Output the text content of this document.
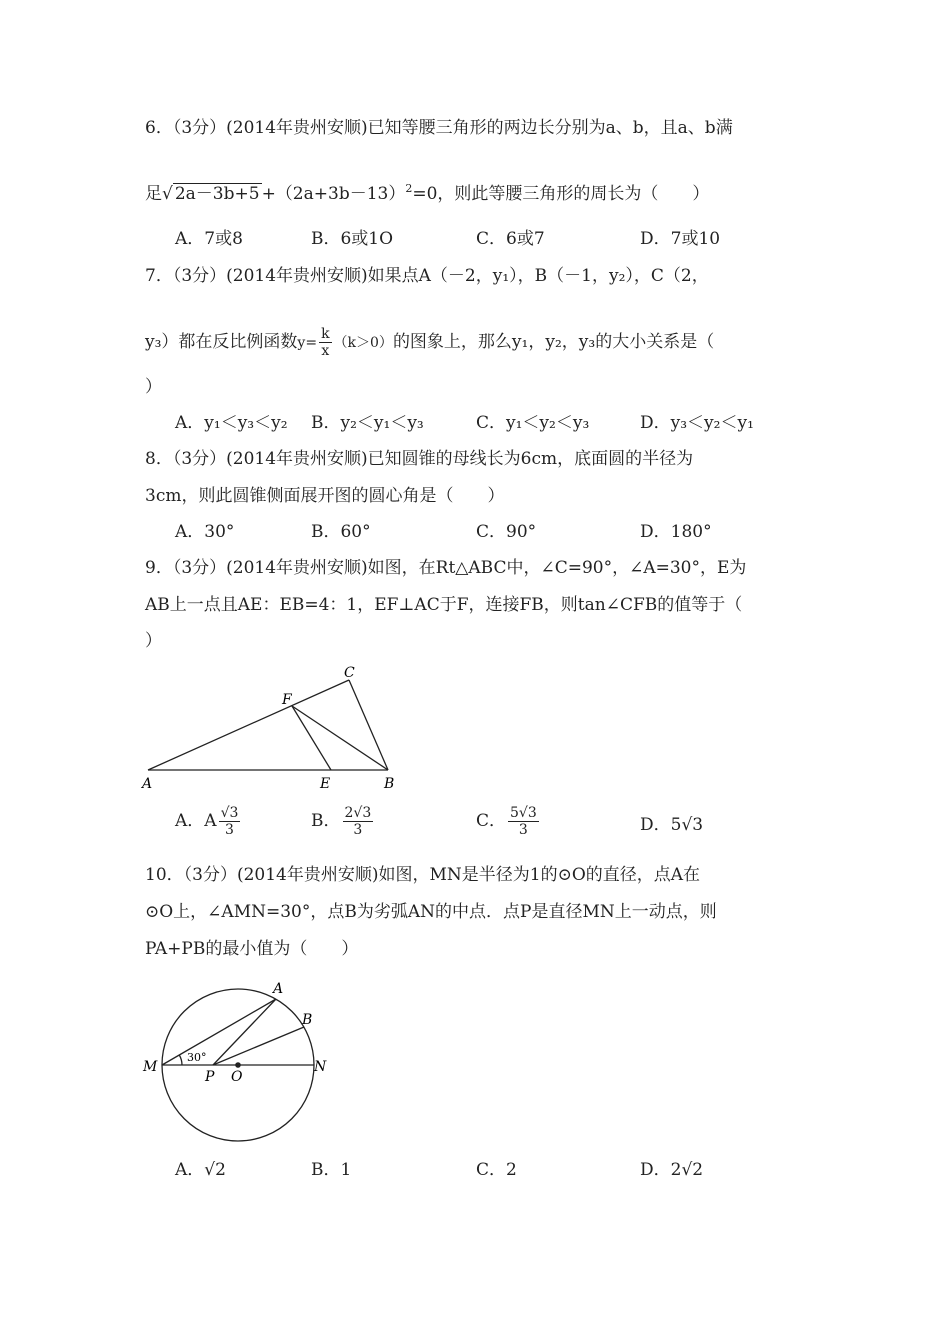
6．（3分）(2014年贵州安顺)已知等腰三角形的两边长分别为a、b，且a、b满
足√ $2a-3b+5 +(2a+3b-13)^2=0$，则此等腰三角形的周长为（　　）
A．7或8	B．6或1O	C．6或7	D．7或10
7．（3分）(2014年贵州安顺)如果点A（－2，y₁），B（－1，y₂），C（2，
y₃）都在反比例函数$y= \frac{k}{x} (k>0)$的图象上，那么y₁，y₂，y₃的大小关系是（
）
A．y₁＜y₃＜y₂ B．y₂＜y₁＜y₃	C．y₁＜y₂＜y₃	D．y₃＜y₂＜y₁
8．（3分）(2014年贵州安顺)已知圆锥的母线长为6cm，底面圆的半径为
3cm，则此圆锥侧面展开图的圆心角是（　　）
A．30°	B．60°	C．90°	D．180°
9．（3分）(2014年贵州安顺)如图，在Rt△ABC中，∠C=90°，∠A=30°，E为
AB上一点且AE：EB=4：1，EF⊥AC于F，连接FB，则tan∠CFB的值等于（
）
A	B
C
E
F
A．A $\frac{√3}{3}$	B． $\frac{2√3}{3}$	C． $\frac{5√3}{3}$	D．5√3
10．（3分）(2014年贵州安顺)如图，MN是半径为1的⊙O的直径，点A在
⊙O上，∠AMN=30°，点B为劣弧AN的中点．点P是直径MN上一动点，则
PA+PB的最小值为（　　）
A
B
M	N
P O
30°
A．√2	B．1	C．2	D．2√2
